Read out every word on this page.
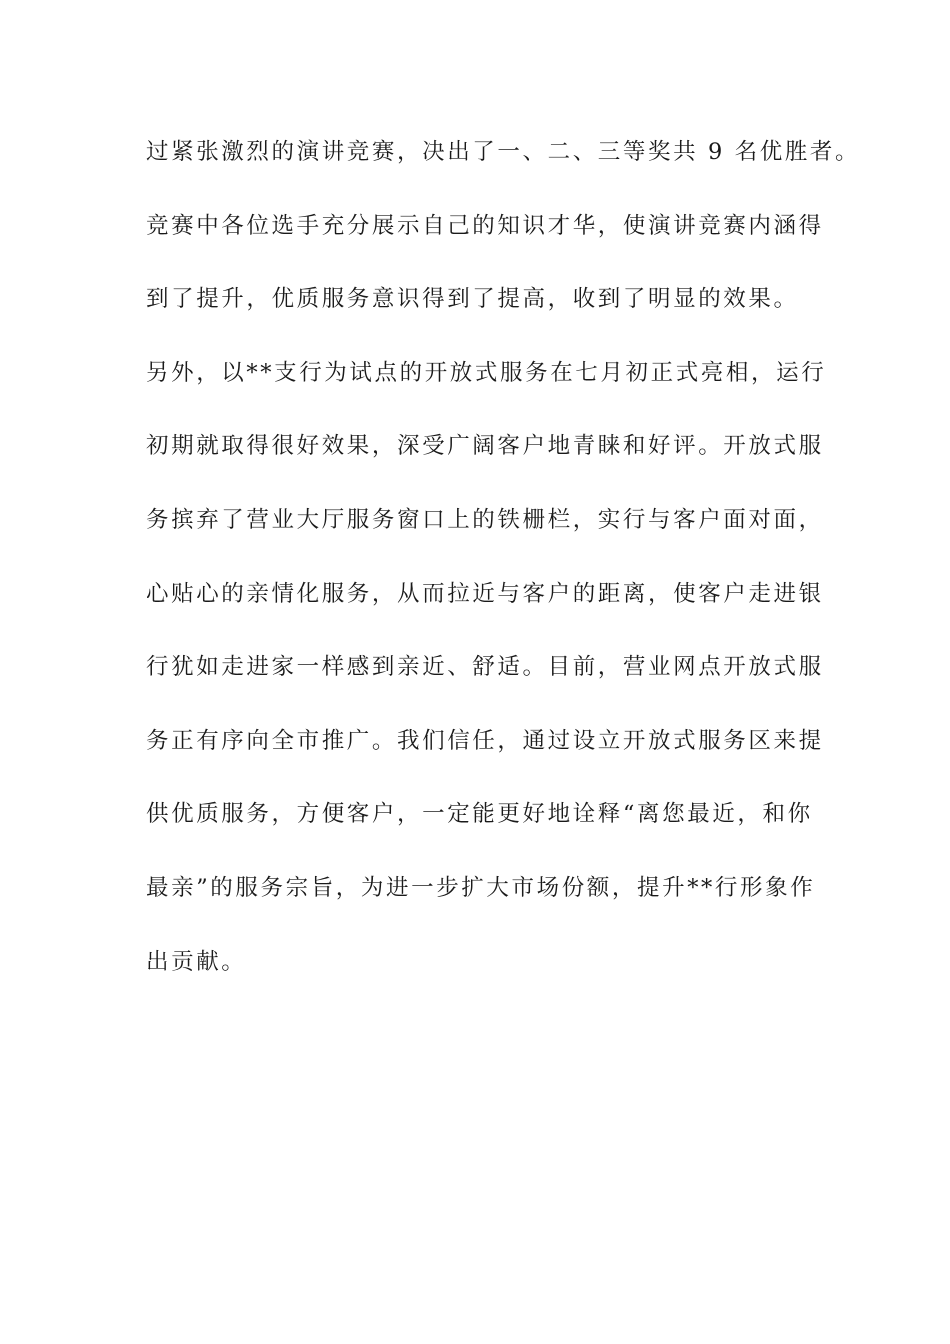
过紧张激烈的演讲竞赛，决出了一、二、三等奖共 9 名优胜者。
竞赛中各位选手充分展示自己的知识才华，使演讲竞赛内涵得
到了提升，优质服务意识得到了提高，收到了明显的效果。
另外，以**支行为试点的开放式服务在七月初正式亮相，运行
初期就取得很好效果，深受广阔客户地青睐和好评。开放式服
务摈弃了营业大厅服务窗口上的铁栅栏，实行与客户面对面，
心贴心的亲情化服务，从而拉近与客户的距离，使客户走进银
行犹如走进家一样感到亲近、舒适。目前，营业网点开放式服
务正有序向全市推广。我们信任，通过设立开放式服务区来提
供优质服务，方便客户，一定能更好地诠释“离您最近，和你
最亲”的服务宗旨，为进一步扩大市场份额，提升**行形象作
出贡献。
